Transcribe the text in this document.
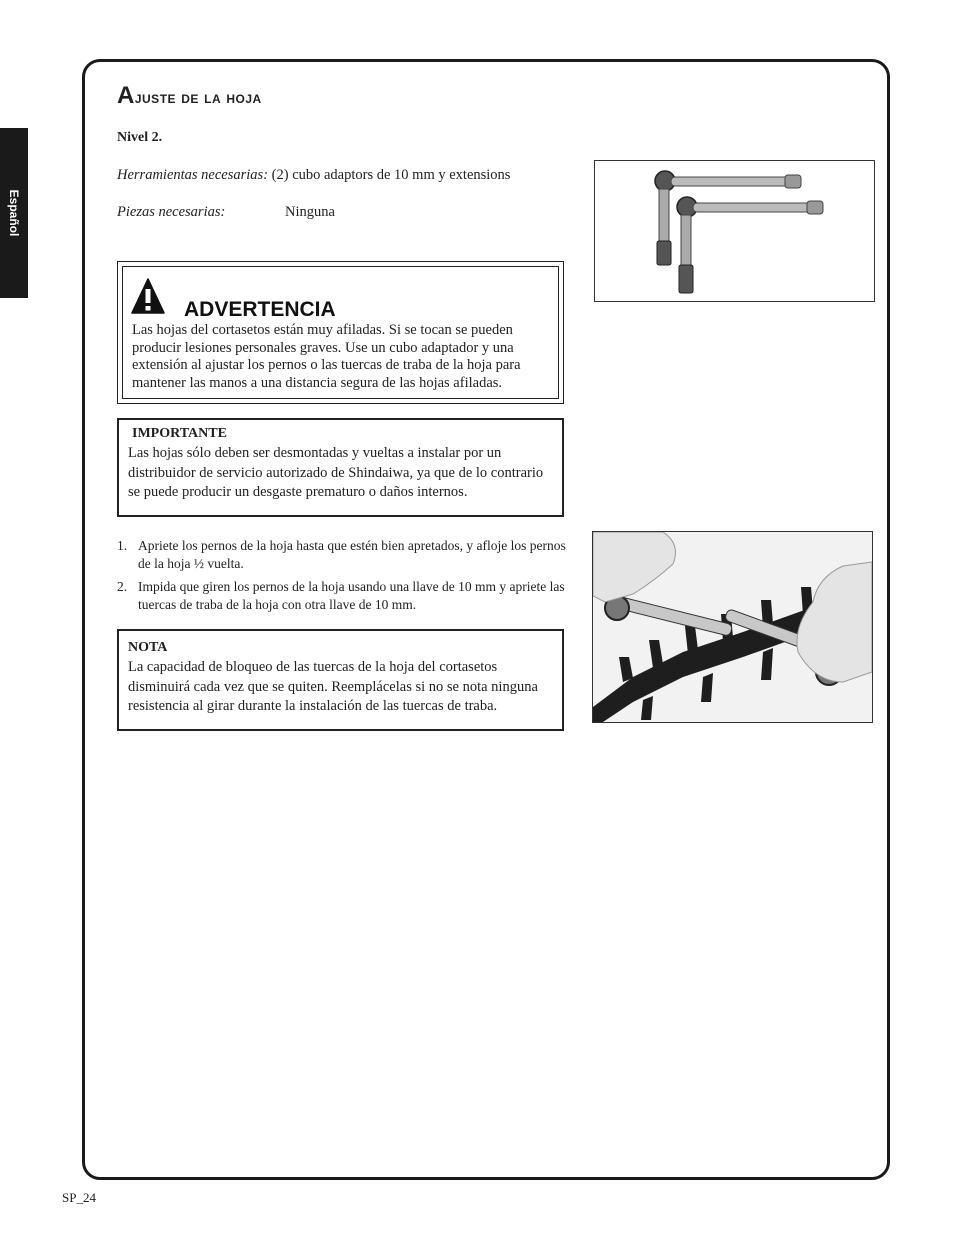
Español
Ajuste de la hoja
Nivel 2.
Herramientas necesarias: (2) cubo adaptors de 10 mm y extensions
Piezas necesarias:	Ninguna
ADVERTENCIA
Las hojas del cortasetos están muy afiladas. Si se tocan se pueden producir lesiones personales graves. Use un cubo adaptador y una extensión al ajustar los pernos o las tuercas de traba de la hoja para mantener las manos a una distancia segura de las hojas afiladas.
IMPORTANTE
Las hojas sólo deben ser desmontadas y vueltas a instalar por un distribuidor de servicio autorizado de Shindaiwa, ya que de lo contrario se puede producir un desgaste prematuro o daños internos.
1. Apriete los pernos de la hoja hasta que estén bien apretados, y afloje los pernos de la hoja ½ vuelta.
2. Impida que giren los pernos de la hoja usando una llave de 10 mm y apriete las tuercas de traba de la hoja con otra llave de 10 mm.
NOTA
La capacidad de bloqueo de las tuercas de la hoja del cortasetos disminuirá cada vez que se quiten. Reemplácelas si no se nota ninguna resistencia al girar durante la instalación de las tuercas de traba.
SP_24
